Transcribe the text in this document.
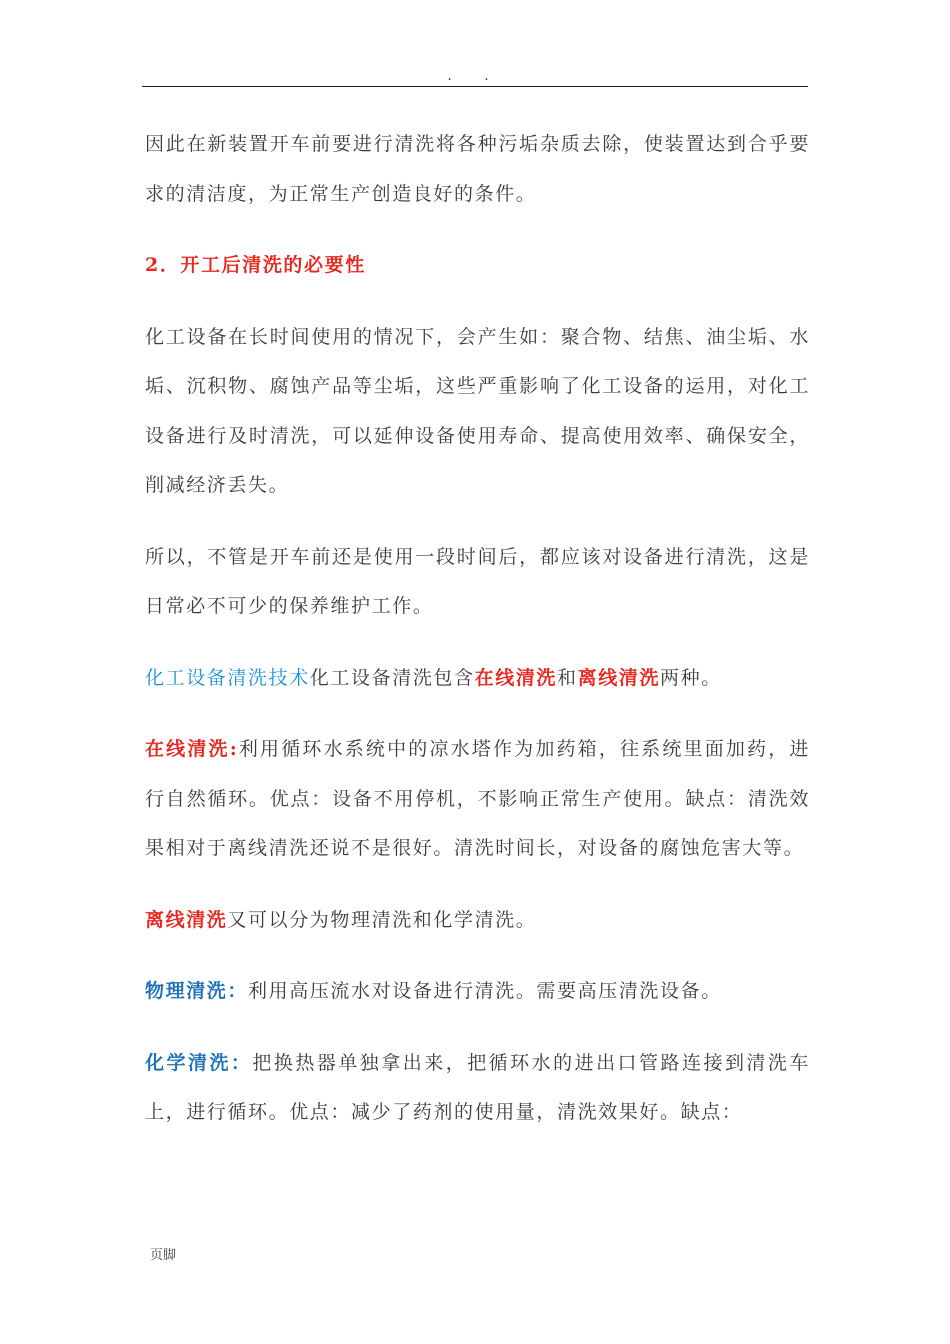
. .

因此在新装置开车前要进行清洗将各种污垢杂质去除，使装置达到合乎要求的清洁度，为正常生产创造良好的条件。

2．开工后清洗的必要性

化工设备在长时间使用的情况下，会产生如：聚合物、结焦、油尘垢、水垢、沉积物、腐蚀产品等尘垢，这些严重影响了化工设备的运用，对化工设备进行及时清洗，可以延伸设备使用寿命、提高使用效率、确保安全，削减经济丢失。

所以，不管是开车前还是使用一段时间后，都应该对设备进行清洗，这是日常必不可少的保养维护工作。

化工设备清洗技术化工设备清洗包含在线清洗和离线清洗两种。

在线清洗:利用循环水系统中的凉水塔作为加药箱，往系统里面加药，进行自然循环。优点：设备不用停机，不影响正常生产使用。缺点：清洗效果相对于离线清洗还说不是很好。清洗时间长，对设备的腐蚀危害大等。

离线清洗又可以分为物理清洗和化学清洗。

物理清洗：利用高压流水对设备进行清洗。需要高压清洗设备。

化学清洗：把换热器单独拿出来，把循环水的进出口管路连接到清洗车上，进行循环。优点：减少了药剂的使用量，清洗效果好。缺点：

页脚
